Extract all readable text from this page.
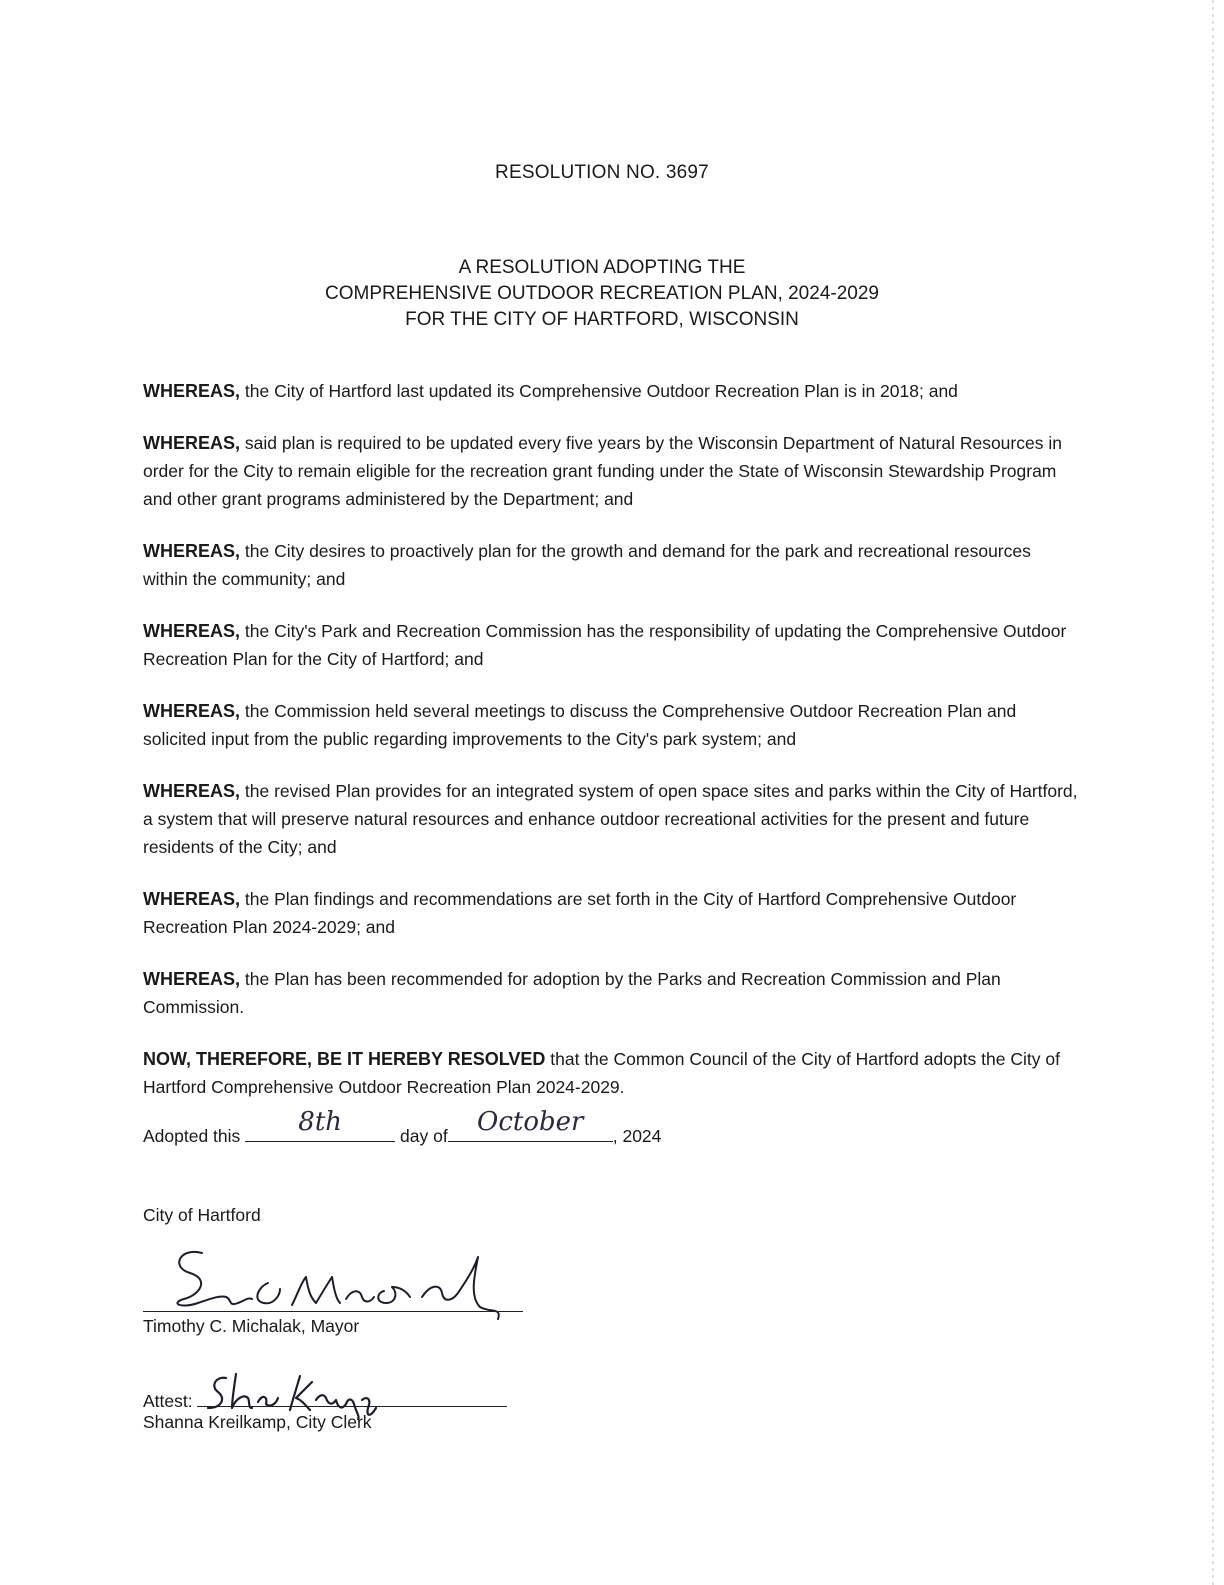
RESOLUTION NO. 3697
A RESOLUTION ADOPTING THE
COMPREHENSIVE OUTDOOR RECREATION PLAN, 2024-2029
FOR THE CITY OF HARTFORD, WISCONSIN

WHEREAS, the City of Hartford last updated its Comprehensive Outdoor Recreation Plan is in 2018; and

WHEREAS, said plan is required to be updated every five years by the Wisconsin Department of Natural Resources in order for the City to remain eligible for the recreation grant funding under the State of Wisconsin Stewardship Program and other grant programs administered by the Department; and

WHEREAS, the City desires to proactively plan for the growth and demand for the park and recreational resources within the community; and

WHEREAS, the City's Park and Recreation Commission has the responsibility of updating the Comprehensive Outdoor Recreation Plan for the City of Hartford; and

WHEREAS, the Commission held several meetings to discuss the Comprehensive Outdoor Recreation Plan and solicited input from the public regarding improvements to the City's park system; and

WHEREAS, the revised Plan provides for an integrated system of open space sites and parks within the City of Hartford, a system that will preserve natural resources and enhance outdoor recreational activities for the present and future residents of the City; and

WHEREAS, the Plan findings and recommendations are set forth in the City of Hartford Comprehensive Outdoor Recreation Plan 2024-2029; and

WHEREAS, the Plan has been recommended for adoption by the Parks and Recreation Commission and Plan Commission.

NOW, THEREFORE, BE IT HEREBY RESOLVED that the Common Council of the City of Hartford adopts the City of Hartford Comprehensive Outdoor Recreation Plan 2024-2029.

Adopted this	8th	day of	October	, 2024
City of Hartford
Timothy C. Michalak, Mayor
Attest:
Shanna Kreilkamp, City Clerk
